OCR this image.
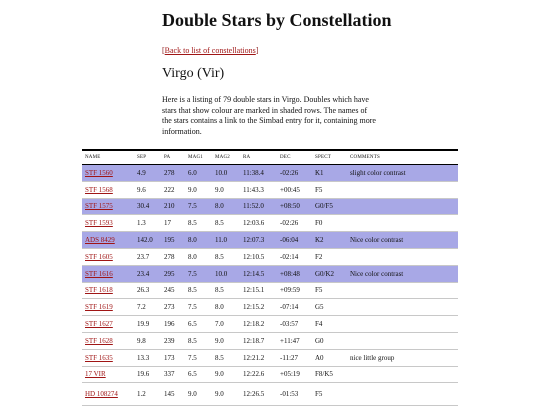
Double Stars by Constellation
[Back to list of constellations]
Virgo (Vir)

Here is a listing of 79 double stars in Virgo. Doubles which have stars that show colour are marked in shaded rows. The names of the stars contains a link to the Simbad entry for it, containing more information.

NAME	SEP	PA	MAG1	MAG2	RA	DEC	SPECT	COMMENTS
STF 1560	4.9	278	6.0	10.0	11:38.4	-02:26	K1	slight color contrast
STF 1568	9.6	222	9.0	9.0	11:43.3	+00:45	F5	
STF 1575	30.4	210	7.5	8.0	11:52.0	+08:50	G0/F5	
STF 1593	1.3	17	8.5	8.5	12:03.6	-02:26	F0	
ADS 8429	142.0	195	8.0	11.0	12:07.3	-06:04	K2	Nice color contrast
STF 1605	23.7	278	8.0	8.5	12:10.5	-02:14	F2	
STF 1616	23.4	295	7.5	10.0	12:14.5	+08:48	G0/K2	Nice color contrast
STF 1618	26.3	245	8.5	8.5	12:15.1	+09:59	F5	
STF 1619	7.2	273	7.5	8.0	12:15.2	-07:14	G5	
STF 1627	19.9	196	6.5	7.0	12:18.2	-03:57	F4	
STF 1628	9.8	239	8.5	9.0	12:18.7	+11:47	G0	
STF 1635	13.3	173	7.5	8.5	12:21.2	-11:27	A0	nice little group
17 VIR	19.6	337	6.5	9.0	12:22.6	+05:19	F8/K5	
HD 108274	1.2	145	9.0	9.0	12:26.5	-01:53	F5	
